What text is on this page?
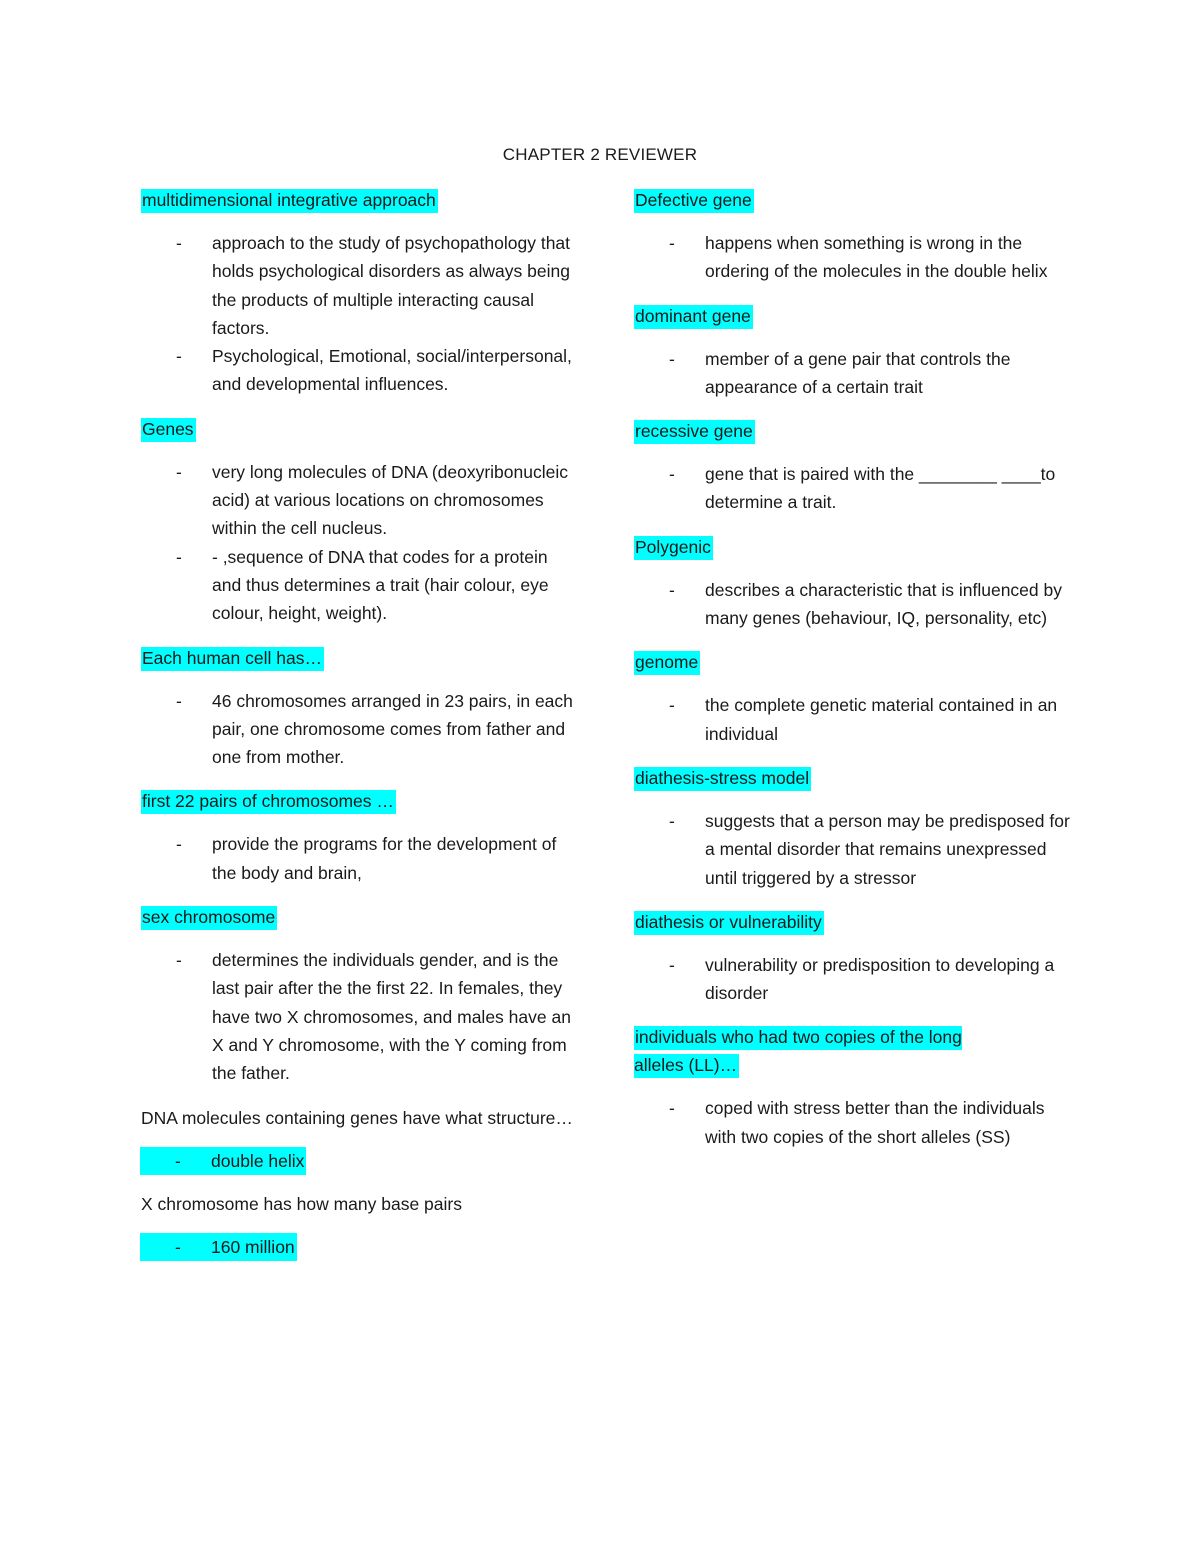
CHAPTER 2 REVIEWER
multidimensional integrative approach
- approach to the study of psychopathology that holds psychological disorders as always being the products of multiple interacting causal factors.
- Psychological, Emotional, social/interpersonal, and developmental influences.
Genes
- very long molecules of DNA (deoxyribonucleic acid) at various locations on chromosomes within the cell nucleus.
- - ,sequence of DNA that codes for a protein and thus determines a trait (hair colour, eye colour, height, weight).
Each human cell has…
- 46 chromosomes arranged in 23 pairs, in each pair, one chromosome comes from father and one from mother.
first 22 pairs of chromosomes …
- provide the programs for the development of the body and brain,
sex chromosome
- determines the individuals gender, and is the last pair after the the first 22. In females, they have two X chromosomes, and males have an X and Y chromosome, with the Y coming from the father.
DNA molecules containing genes have what structure…
- double helix
X chromosome has how many base pairs
- 160 million
Defective gene
- happens when something is wrong in the ordering of the molecules in the double helix
dominant gene
- member of a gene pair that controls the appearance of a certain trait
recessive gene
- gene that is paired with the ________ ____to determine a trait.
Polygenic
- describes a characteristic that is influenced by many genes (behaviour, IQ, personality, etc)
genome
- the complete genetic material contained in an individual
diathesis-stress model
- suggests that a person may be predisposed for a mental disorder that remains unexpressed until triggered by a stressor
diathesis or vulnerability
- vulnerability or predisposition to developing a disorder
individuals who had two copies of the long alleles (LL)…
- coped with stress better than the individuals with two copies of the short alleles (SS)
